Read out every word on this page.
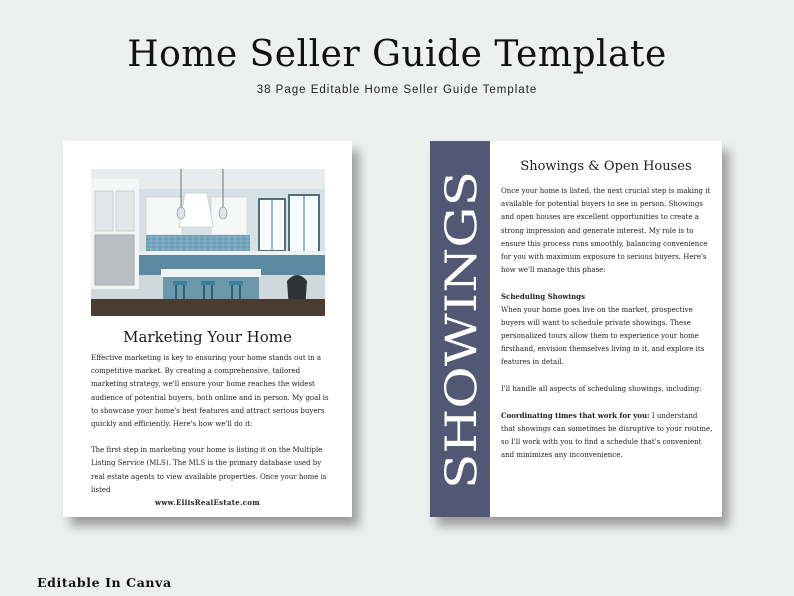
Home Seller Guide Template
38 Page Editable Home Seller Guide Template
Marketing Your Home

Effective marketing is key to ensuring your home stands out in a competitive market. By creating a comprehensive, tailored marketing strategy, we'll ensure your home reaches the widest audience of potential buyers, both online and in person. My goal is to showcase your home's best features and attract serious buyers quickly and efficiently. Here's how we'll do it:

The first step in marketing your home is listing it on the Multiple Listing Service (MLS). The MLS is the primary database used by real estate agents to view available properties. Once your home is listed

www.EllisRealEstate.com
SHOWINGS
Showings & Open Houses

Once your home is listed, the next crucial step is making it available for potential buyers to see in person. Showings and open houses are excellent opportunities to create a strong impression and generate interest. My role is to ensure this process runs smoothly, balancing convenience for you with maximum exposure to serious buyers. Here's how we'll manage this phase:

Scheduling Showings
When your home goes live on the market, prospective buyers will want to schedule private showings. These personalized tours allow them to experience your home firsthand, envision themselves living in it, and explore its features in detail.

I'll handle all aspects of scheduling showings, including:

Coordinating times that work for you: I understand that showings can sometimes be disruptive to your routine, so I'll work with you to find a schedule that's convenient and minimizes any inconvenience.

Editable In Canva
